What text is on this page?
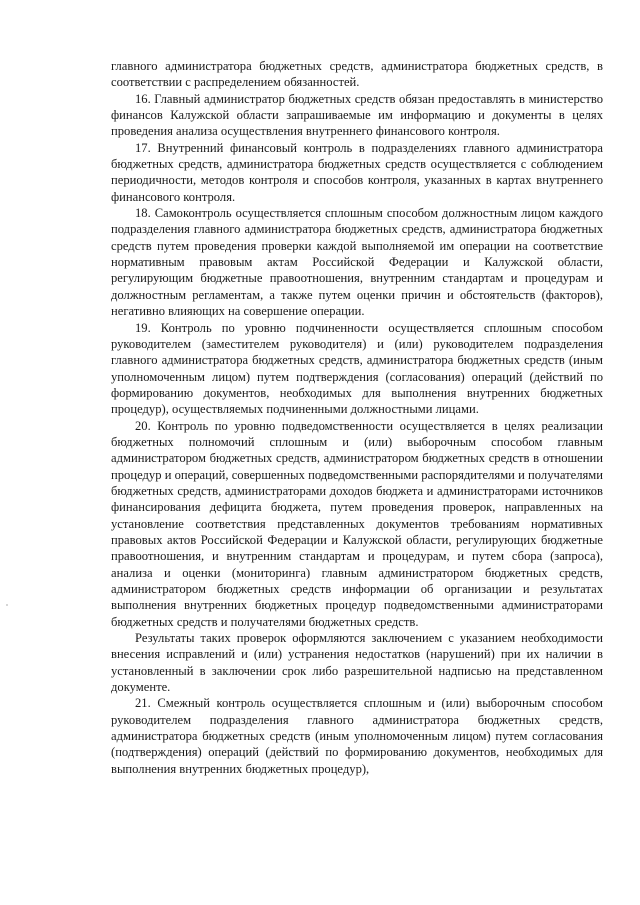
главного администратора бюджетных средств, администратора бюджетных средств, в соответствии с распределением обязанностей.

16. Главный администратор бюджетных средств обязан предоставлять в министерство финансов Калужской области запрашиваемые им информацию и документы в целях проведения анализа осуществления внутреннего финансового контроля.

17. Внутренний финансовый контроль в подразделениях главного администратора бюджетных средств, администратора бюджетных средств осуществляется с соблюдением периодичности, методов контроля и способов контроля, указанных в картах внутреннего финансового контроля.

18. Самоконтроль осуществляется сплошным способом должностным лицом каждого подразделения главного администратора бюджетных средств, администратора бюджетных средств путем проведения проверки каждой выполняемой им операции на соответствие нормативным правовым актам Российской Федерации и Калужской области, регулирующим бюджетные правоотношения, внутренним стандартам и процедурам и должностным регламентам, а также путем оценки причин и обстоятельств (факторов), негативно влияющих на совершение операции.

19. Контроль по уровню подчиненности осуществляется сплошным способом руководителем (заместителем руководителя) и (или) руководителем подразделения главного администратора бюджетных средств, администратора бюджетных средств (иным уполномоченным лицом) путем подтверждения (согласования) операций (действий по формированию документов, необходимых для выполнения внутренних бюджетных процедур), осуществляемых подчиненными должностными лицами.

20. Контроль по уровню подведомственности осуществляется в целях реализации бюджетных полномочий сплошным и (или) выборочным способом главным администратором бюджетных средств, администратором бюджетных средств в отношении процедур и операций, совершенных подведомственными распорядителями и получателями бюджетных средств, администраторами доходов бюджета и администраторами источников финансирования дефицита бюджета, путем проведения проверок, направленных на установление соответствия представленных документов требованиям нормативных правовых актов Российской Федерации и Калужской области, регулирующих бюджетные правоотношения, и внутренним стандартам и процедурам, и путем сбора (запроса), анализа и оценки (мониторинга) главным администратором бюджетных средств, администратором бюджетных средств информации об организации и результатах выполнения внутренних бюджетных процедур подведомственными администраторами бюджетных средств и получателями бюджетных средств.

Результаты таких проверок оформляются заключением с указанием необходимости внесения исправлений и (или) устранения недостатков (нарушений) при их наличии в установленный в заключении срок либо разрешительной надписью на представленном документе.

21. Смежный контроль осуществляется сплошным и (или) выборочным способом руководителем подразделения главного администратора бюджетных средств, администратора бюджетных средств (иным уполномоченным лицом) путем согласования (подтверждения) операций (действий по формированию документов, необходимых для выполнения внутренних бюджетных процедур),
